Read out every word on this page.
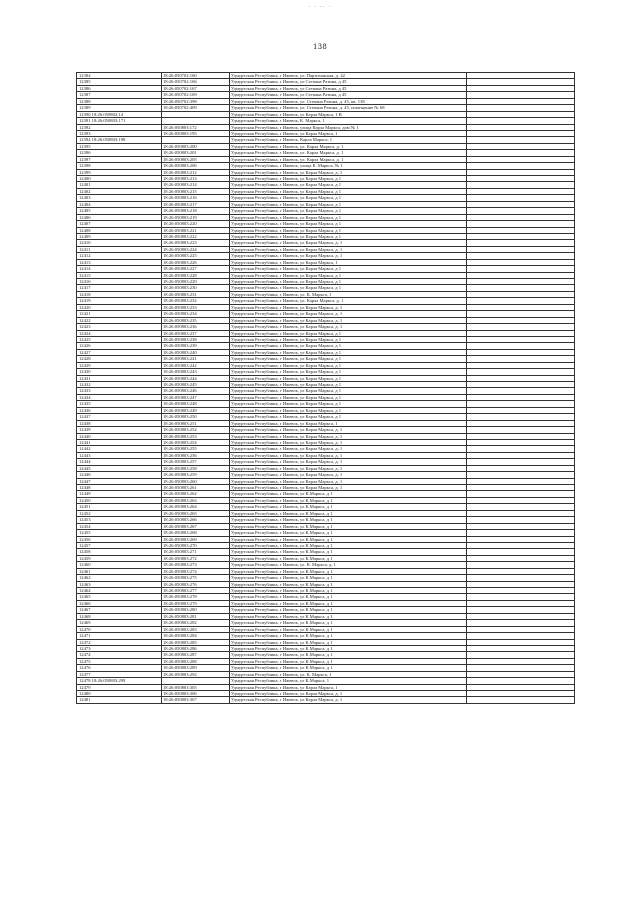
· · ·· ·
138
12384	18:26:050702:160	Удмуртская Республика, г Ижевск, ул. Партизанская, д. 42	
12385	18:26:050702:166	Удмуртская Республика, г Ижевск, ул Степана Разина, д 45	
12386	18:26:050702:167	Удмуртская Республика, г Ижевск, ул Степана Разина, д 45	
12387	18:26:050702:169	Удмуртская Республика, г Ижевск, ул Степана Разина, д 45	
12388	18:26:050702:398	Удмуртская Республика, г Ижевск, ул. Степана Разина, д. 45, кв. 138	
12389	18:26:050702:409	Удмуртская Республика, г Ижевск, ул. Степана Разина, д. 45, помещение № 68	
12390 18:26:050802:14		Удмуртская Республика, г Ижевск, ул Карла Маркса, 1 В	
12391 18:26:050803:171		Удмуртская Республика, г Ижевск, К. Маркса, 1	
12392	18:26:050803:172	Удмуртская Республика, г Ижевск, улица Карла Маркса, дом № 1	
12393	18:26:050803:195	Удмуртская Республика, г Ижевск, ул Карла Маркса, 1	
12394 18:26:050803:198		Удмуртская Республика, г Ижевск, Карла Маркса, 1	
12395	18:26:050803:200	Удмуртская Республика, г Ижевск, ул. Карла Маркса, д. 1	
12396	18:26:050803:201	Удмуртская Республика, г Ижевск, ул. Карла Маркса, д. 1	
12397	18:26:050803:205	Удмуртская Республика, г Ижевск, ул. Карла Маркса, д. 1	
12398	18:26:050803:206	Удмуртская Республика, г Ижевск, улица К. Маркса, № 1	
12399	18:26:050803:212	Удмуртская Республика, г Ижевск, ул Карла Маркса, д. 1	
12400	18:26:050803:213	Удмуртская Республика, г Ижевск, ул Карла Маркса, д 1	
12401	18:26:050803:214	Удмуртская Республика, г Ижевск, ул Карла Маркса, д 1	
12402	18:26:050803:215	Удмуртская Республика, г Ижевск, ул Карла Маркса, д 1	
12403	18:26:050803:216	Удмуртская Республика, г Ижевск, ул Карла Маркса, д 1	
12404	18:26:050803:217	Удмуртская Республика, г Ижевск, ул Карла Маркса, д 1	
12405	18:26:050803:218	Удмуртская Республика, г Ижевск, ул Карла Маркса, д 1	
12406	18:26:050803:219	Удмуртская Республика, г Ижевск, ул Карла Маркса, д 1	
12407	18:26:050803:220	Удмуртская Республика, г Ижевск, ул Карла Маркса, д 1	
12408	18:26:050803:221	Удмуртская Республика, г Ижевск, ул Карла Маркса, д 1	
12409	18:26:050803:222	Удмуртская Республика, г Ижевск, ул Карла Маркса, д 1	
12410	18:26:050803:223	Удмуртская Республика, г Ижевск, ул Карла Маркса, д. 1	
12411	18:26:050803:224	Удмуртская Республика, г Ижевск, ул Карла Маркса, д. 1	
12412	18:26:050803:225	Удмуртская Республика, г Ижевск, ул Карла Маркса, д. 1	
12413	18:26:050803:226	Удмуртская Республика, г Ижевск, ул Карла Маркса, 1	
12414	18:26:050803:227	Удмуртская Республика, г Ижевск, ул Карла Маркса, д 1	
12415	18:26:050803:228	Удмуртская Республика, г Ижевск, ул Карла Маркса, д 1	
12416	18:26:050803:229	Удмуртская Республика, г Ижевск, ул Карла Маркса, д 1	
12417	18:26:050803:230	Удмуртская Республика, г Ижевск, ул Карла Маркса, д 1	
12418	18:26:050803:231	Удмуртская Республика, г Ижевск, ул. К. Маркса, 1	
12419	18:26:050803:232	Удмуртская Республика, г Ижевск, ул. Карла Маркса, д. 1	
12420	18:26:050803:233	Удмуртская Республика, г Ижевск, ул Карла Маркса, д. 1	
12421	18:26:050803:234	Удмуртская Республика, г Ижевск, ул Карла Маркса, д. 1	
12422	18:26:050803:235	Удмуртская Республика, г Ижевск, ул Карла Маркса, д. 1	
12423	18:26:050803:236	Удмуртская Республика, г Ижевск, ул Карла Маркса, д. 1	
12424	18:26:050803:237	Удмуртская Республика, г Ижевск, ул Карла Маркса, д 1	
12425	18:26:050803:238	Удмуртская Республика, г Ижевск, ул Карла Маркса, д 1	
12426	18:26:050803:239	Удмуртская Республика, г Ижевск, ул Карла Маркса, д 1	
12427	18:26:050803:240	Удмуртская Республика, г Ижевск, ул Карла Маркса, д 1	
12428	18:26:050803:241	Удмуртская Республика, г Ижевск, ул Карла Маркса, д 1	
12429	18:26:050803:242	Удмуртская Республика, г Ижевск, ул Карла Маркса, д 1	
12430	18:26:050803:243	Удмуртская Республика, г Ижевск, ул Карла Маркса, д 1	
12431	18:26:050803:244	Удмуртская Республика, г Ижевск, ул Карла Маркса, д 1	
12432	18:26:050803:245	Удмуртская Республика, г Ижевск, ул Карла Маркса, д 1	
12433	18:26:050803:246	Удмуртская Республика, г Ижевск, ул Карла Маркса, д 1	
12434	18:26:050803:247	Удмуртская Республика, г Ижевск, ул Карла Маркса, д 1	
12435	18:26:050803:248	Удмуртская Республика, г Ижевск, ул Карла Маркса, д 1	
12436	18:26:050803:249	Удмуртская Республика, г Ижевск, ул Карла Маркса, д 1	
12437	18:26:050803:250	Удмуртская Республика, г Ижевск, ул Карла Маркса, д 1	
12438	18:26:050803:251	Удмуртская Республика, г Ижевск, ул Карла Маркса, 1	
12439	18:26:050803:252	Удмуртская Республика, г Ижевск, ул Карла Маркса, д. 1	
12440	18:26:050803:253	Удмуртская Республика, г Ижевск, ул Карла Маркса, д. 1	
12441	18:26:050803:254	Удмуртская Республика, г Ижевск, ул Карла Маркса, д. 1	
12442	18:26:050803:255	Удмуртская Республика, г Ижевск, ул Карла Маркса, д. 1	
12443	18:26:050803:256	Удмуртская Республика, г Ижевск, ул Карла Маркса, д. 1	
12444	18:26:050803:257	Удмуртская Республика, г Ижевск, ул Карла Маркса, д. 1	
12445	18:26:050803:258	Удмуртская Республика, г Ижевск, ул Карла Маркса, д. 1	
12446	18:26:050803:259	Удмуртская Республика, г Ижевск, ул Карла Маркса, д. 1	
12447	18:26:050803:260	Удмуртская Республика, г Ижевск, ул Карла Маркса, д. 1	
12448	18:26:050803:261	Удмуртская Республика, г Ижевск, ул Карла Маркса, д. 1	
12449	18:26:050803:262	Удмуртская Республика, г Ижевск, ул К.Маркса, д 1	
12450	18:26:050803:263	Удмуртская Республика, г Ижевск, ул К.Маркса, д 1	
12451	18:26:050803:264	Удмуртская Республика, г Ижевск, ул К.Маркса, д 1	
12452	18:26:050803:265	Удмуртская Республика, г Ижевск, ул К.Маркса, д 1	
12453	18:26:050803:266	Удмуртская Республика, г Ижевск, ул К.Маркса, д 1	
12454	18:26:050803:267	Удмуртская Республика, г Ижевск, ул К.Маркса, д 1	
12455	18:26:050803:268	Удмуртская Республика, г Ижевск, ул К.Маркса, д 1	
12456	18:26:050803:269	Удмуртская Республика, г Ижевск, ул К.Маркса, д 1	
12457	18:26:050803:270	Удмуртская Республика, г Ижевск, ул К.Маркса, д 1	
12458	18:26:050803:271	Удмуртская Республика, г Ижевск, ул К.Маркса, д 1	
12459	18:26:050803:272	Удмуртская Республика, г Ижевск, ул К.Маркса, д 1	
12460	18:26:050803:273	Удмуртская Республика, г Ижевск, ул. К. Маркса, д. 1	
12461	18:26:050803:274	Удмуртская Республика, г Ижевск, ул К.Маркса, д 1	
12462	18:26:050803:275	Удмуртская Республика, г Ижевск, ул К.Маркса, д 1	
12463	18:26:050803:276	Удмуртская Республика, г Ижевск, ул К.Маркса, д 1	
12464	18:26:050803:277	Удмуртская Республика, г Ижевск, ул К.Маркса, д 1	
12465	18:26:050803:278	Удмуртская Республика, г Ижевск, ул К.Маркса, д 1	
12466	18:26:050803:279	Удмуртская Республика, г Ижевск, ул К.Маркса, д 1	
12467	18:26:050803:280	Удмуртская Республика, г Ижевск, ул К.Маркса, д 1	
12468	18:26:050803:281	Удмуртская Республика, г Ижевск, ул К.Маркса, д 1	
12469	18:26:050803:282	Удмуртская Республика, г Ижевск, ул К.Маркса, д 1	
12470	18:26:050803:283	Удмуртская Республика, г Ижевск, ул К.Маркса, д 1	
12471	18:26:050803:284	Удмуртская Республика, г Ижевск, ул К.Маркса, д 1	
12472	18:26:050803:285	Удмуртская Республика, г Ижевск, ул К.Маркса, д 1	
12473	18:26:050803:286	Удмуртская Республика, г Ижевск, ул К.Маркса, д 1	
12474	18:26:050803:287	Удмуртская Республика, г Ижевск, ул К.Маркса, д 1	
12475	18:26:050803:288	Удмуртская Республика, г Ижевск, ул К.Маркса, д 1	
12476	18:26:050803:289	Удмуртская Республика, г Ижевск, ул К.Маркса, д 1	
12477	18:26:050803:292	Удмуртская Республика, г Ижевск, ул. К. Маркса, 1	
12478 18:26:050803:299		Удмуртская Республика, г Ижевск, ул К.Маркса, 1	
12479	18:26:050803:305	Удмуртская Республика, г Ижевск, ул Карла Маркса, 1	
12480	18:26:050803:306	Удмуртская Республика, г Ижевск, ул Карла Маркса, д. 1	
12481	18:26:050803:307	Удмуртская Республика, г Ижевск, ул Карла Маркса, д. 1	
